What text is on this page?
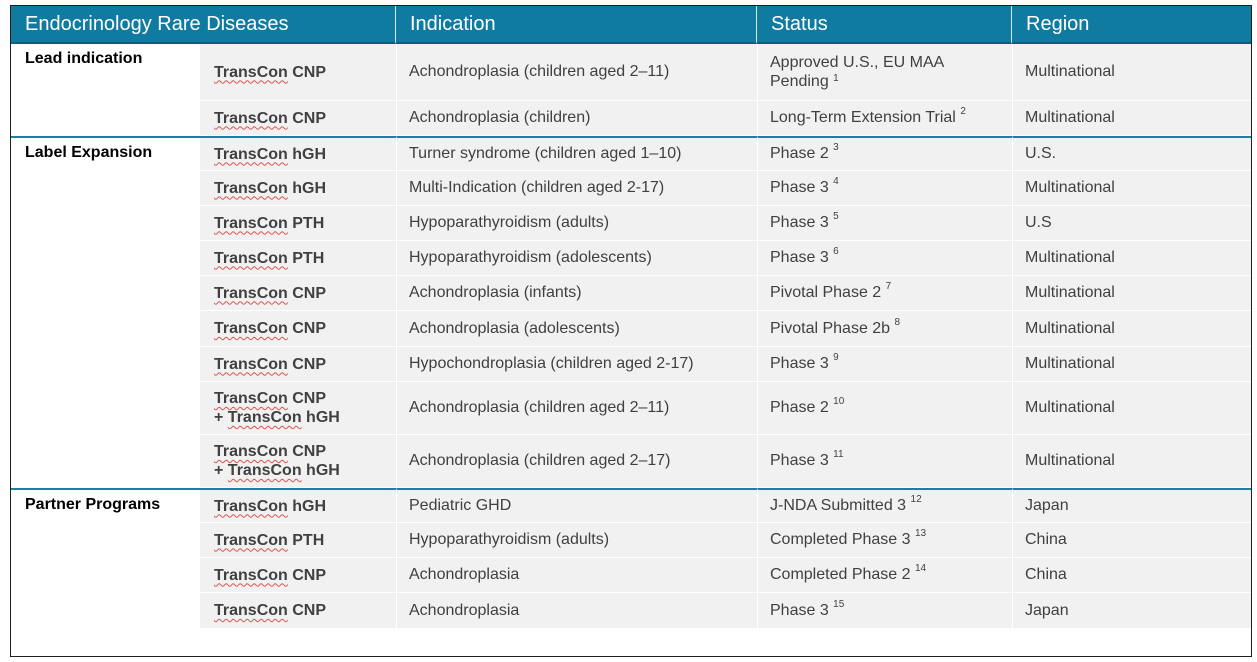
Endocrinology Rare Diseases		Indication	Status	Region
Lead indication	TransCon CNP	Achondroplasia (children aged 2–11)	Approved U.S., EU MAA Pending $^1$	Multinational

	TransCon CNP	Achondroplasia (children)	Long-Term Extension Trial $^2$	Multinational
Label Expansion	TransCon hGH	Turner syndrome (children aged 1–10)	Phase 2 $^3$	U.S.

	TransCon hGH	Multi-Indication (children aged 2-17)	Phase 3 $^4$	Multinational

	TransCon PTH	Hypoparathyroidism (adults)	Phase 3 $^5$	U.S

	TransCon PTH	Hypoparathyroidism (adolescents)	Phase 3 $^6$	Multinational

	TransCon CNP	Achondroplasia (infants)	Pivotal Phase 2 $^7$	Multinational

	TransCon CNP	Achondroplasia (adolescents)	Pivotal Phase 2b $^8$	Multinational

	TransCon CNP	Hypochondroplasia (children aged 2-17)	Phase 3 $^9$	Multinational

	TransCon CNP
+ TransCon hGH	Achondroplasia (children aged 2–11)	Phase 2 $^{10}$	Multinational

	TransCon CNP
+ TransCon hGH	Achondroplasia (children aged 2–17)	Phase 3 $^{11}$	Multinational
Partner Programs	TransCon hGH	Pediatric GHD	J-NDA Submitted 3 $^{12}$	Japan

	TransCon PTH	Hypoparathyroidism (adults)	Completed Phase 3 $^{13}$	China

	TransCon CNP	Achondroplasia	Completed Phase 2 $^{14}$	China

	TransCon CNP	Achondroplasia	Phase 3 $^{15}$	Japan
